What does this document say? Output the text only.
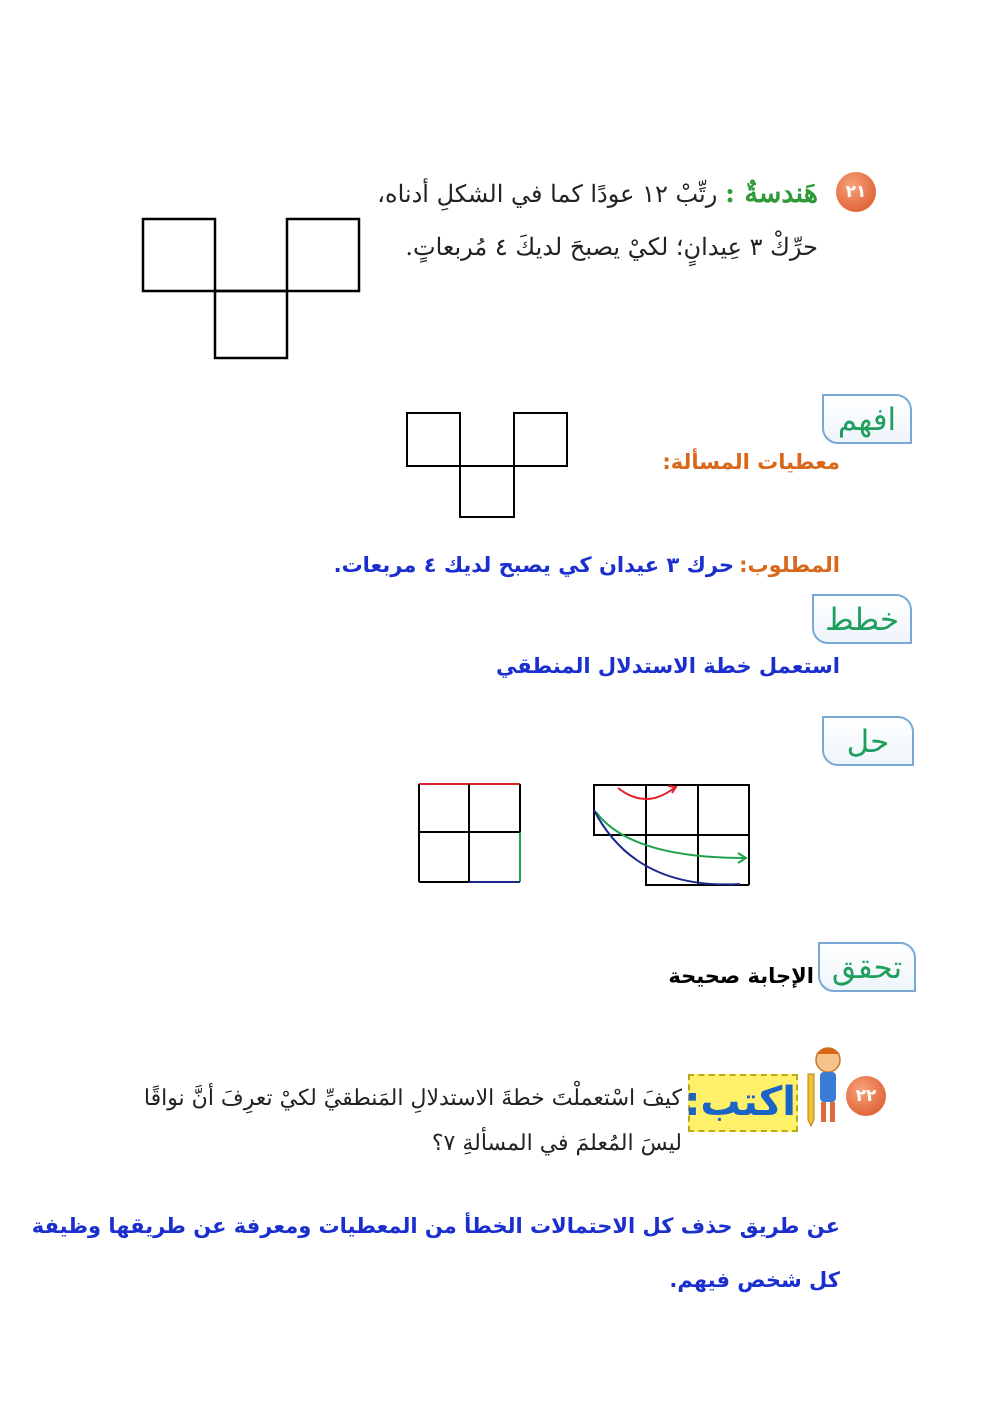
٢١
هَندسةٌ : رتِّبْ ١٢ عودًا كما في الشكلِ أدناه،
حرِّكْ ٣ عِيدانٍ؛ لكيْ يصبحَ لديكَ ٤ مُربعاتٍ.
افهم
معطيات المسألة:
المطلوب: حرك ٣ عيدان كي يصبح لديك ٤ مربعات.
خطط
استعمل خطة الاستدلال المنطقي
حل
تحقق
الإجابة صحيحة
٢٢
اكتب:
كيفَ اسْتعملْتَ خطةَ الاستدلالِ المَنطقيِّ لكيْ تعرِفَ أنَّ نواقًا
ليسَ المُعلمَ في المسألةِ ٧؟
عن طريق حذف كل الاحتمالات الخطأ من المعطيات ومعرفة عن طريقها وظيفة
كل شخص فيهم.
